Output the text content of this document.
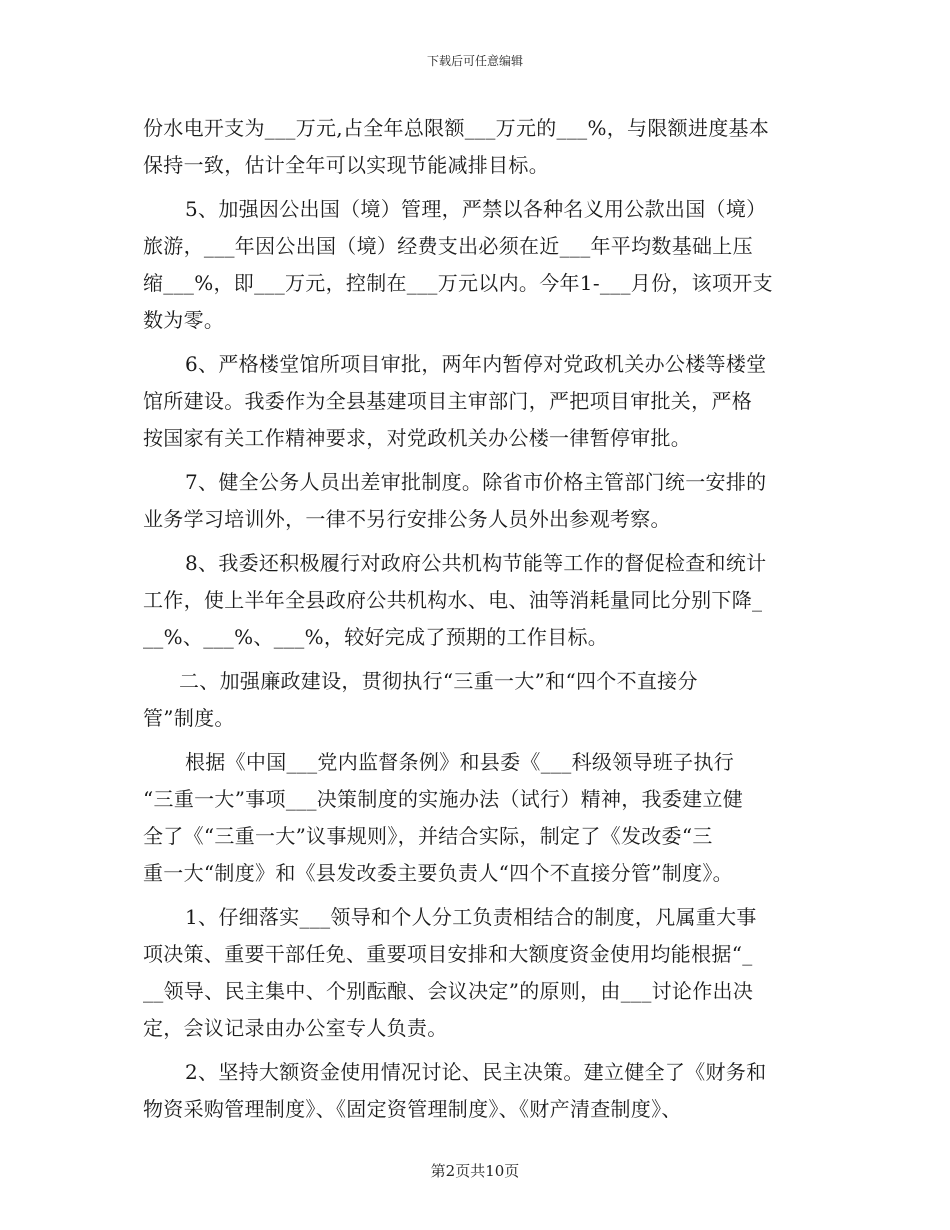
下载后可任意编辑
份水电开支为___万元,占全年总限额___万元的___%，与限额进度基本
保持一致，估计全年可以实现节能减排目标。
5、加强因公出国（境）管理，严禁以各种名义用公款出国（境）
旅游，___年因公出国（境）经费支出必须在近___年平均数基础上压
缩___%，即___万元，控制在___万元以内。今年1-___月份，该项开支
数为零。
6、严格楼堂馆所项目审批，两年内暂停对党政机关办公楼等楼堂
馆所建设。我委作为全县基建项目主审部门，严把项目审批关，严格
按国家有关工作精神要求，对党政机关办公楼一律暂停审批。
7、健全公务人员出差审批制度。除省市价格主管部门统一安排的
业务学习培训外，一律不另行安排公务人员外出参观考察。
8、我委还积极履行对政府公共机构节能等工作的督促检查和统计
工作，使上半年全县政府公共机构水、电、油等消耗量同比分别下降_
__%、___%、___%，较好完成了预期的工作目标。
二、加强廉政建设，贯彻执行“三重一大”和“四个不直接分
管”制度。
根据《中国___党内监督条例》和县委《___科级领导班子执行
“三重一大”事项___决策制度的实施办法（试行）精神，我委建立健
全了《“三重一大”议事规则》，并结合实际，制定了《发改委“三
重一大“制度》和《县发改委主要负责人“四个不直接分管”制度》。
1、仔细落实___领导和个人分工负责相结合的制度，凡属重大事
项决策、重要干部任免、重要项目安排和大额度资金使用均能根据“_
__领导、民主集中、个别酝酿、会议决定”的原则，由___讨论作出决
定，会议记录由办公室专人负责。
2、坚持大额资金使用情况讨论、民主决策。建立健全了《财务和
物资采购管理制度》、《固定资管理制度》、《财产清查制度》、
第2页共10页
